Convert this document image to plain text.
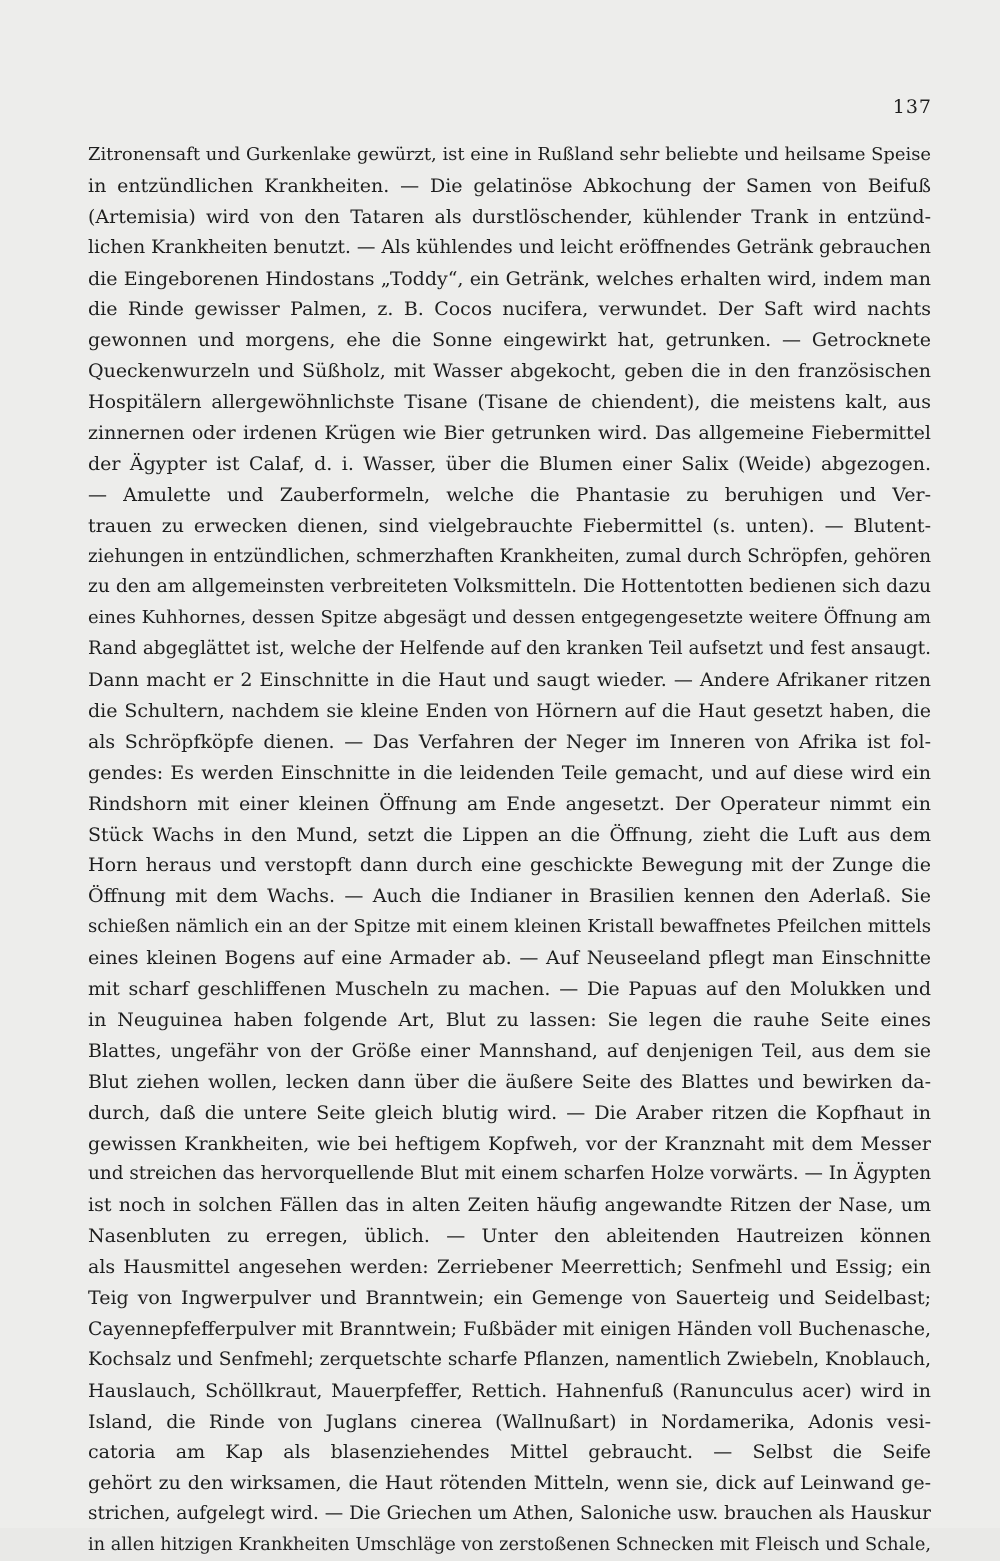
137
Zitronensaft und Gurkenlake gewürzt, ist eine in Rußland sehr beliebte und heilsame Speise
in entzündlichen Krankheiten. — Die gelatinöse Abkochung der Samen von Beifuß
(Artemisia) wird von den Tataren als durstlöschender, kühlender Trank in entzünd-
lichen Krankheiten benutzt. — Als kühlendes und leicht eröffnendes Getränk gebrauchen
die Eingeborenen Hindostans „Toddy“, ein Getränk, welches erhalten wird, indem man
die Rinde gewisser Palmen, z. B. Cocos nucifera, verwundet. Der Saft wird nachts
gewonnen und morgens, ehe die Sonne eingewirkt hat, getrunken. — Getrocknete
Queckenwurzeln und Süßholz, mit Wasser abgekocht, geben die in den französischen
Hospitälern allergewöhnlichste Tisane (Tisane de chiendent), die meistens kalt, aus
zinnernen oder irdenen Krügen wie Bier getrunken wird. Das allgemeine Fiebermittel
der Ägypter ist Calaf, d. i. Wasser, über die Blumen einer Salix (Weide) abgezogen.
— Amulette und Zauberformeln, welche die Phantasie zu beruhigen und Ver-
trauen zu erwecken dienen, sind vielgebrauchte Fiebermittel (s. unten). — Blutent-
ziehungen in entzündlichen, schmerzhaften Krankheiten, zumal durch Schröpfen, gehören
zu den am allgemeinsten verbreiteten Volksmitteln. Die Hottentotten bedienen sich dazu
eines Kuhhornes, dessen Spitze abgesägt und dessen entgegengesetzte weitere Öffnung am
Rand abgeglättet ist, welche der Helfende auf den kranken Teil aufsetzt und fest ansaugt.
Dann macht er 2 Einschnitte in die Haut und saugt wieder. — Andere Afrikaner ritzen
die Schultern, nachdem sie kleine Enden von Hörnern auf die Haut gesetzt haben, die
als Schröpfköpfe dienen. — Das Verfahren der Neger im Inneren von Afrika ist fol-
gendes: Es werden Einschnitte in die leidenden Teile gemacht, und auf diese wird ein
Rindshorn mit einer kleinen Öffnung am Ende angesetzt. Der Operateur nimmt ein
Stück Wachs in den Mund, setzt die Lippen an die Öffnung, zieht die Luft aus dem
Horn heraus und verstopft dann durch eine geschickte Bewegung mit der Zunge die
Öffnung mit dem Wachs. — Auch die Indianer in Brasilien kennen den Aderlaß. Sie
schießen nämlich ein an der Spitze mit einem kleinen Kristall bewaffnetes Pfeilchen mittels
eines kleinen Bogens auf eine Armader ab. — Auf Neuseeland pflegt man Einschnitte
mit scharf geschliffenen Muscheln zu machen. — Die Papuas auf den Molukken und
in Neuguinea haben folgende Art, Blut zu lassen: Sie legen die rauhe Seite eines
Blattes, ungefähr von der Größe einer Mannshand, auf denjenigen Teil, aus dem sie
Blut ziehen wollen, lecken dann über die äußere Seite des Blattes und bewirken da-
durch, daß die untere Seite gleich blutig wird. — Die Araber ritzen die Kopfhaut in
gewissen Krankheiten, wie bei heftigem Kopfweh, vor der Kranznaht mit dem Messer
und streichen das hervorquellende Blut mit einem scharfen Holze vorwärts. — In Ägypten
ist noch in solchen Fällen das in alten Zeiten häufig angewandte Ritzen der Nase, um
Nasenbluten zu erregen, üblich. — Unter den ableitenden Hautreizen können
als Hausmittel angesehen werden: Zerriebener Meerrettich; Senfmehl und Essig; ein
Teig von Ingwerpulver und Branntwein; ein Gemenge von Sauerteig und Seidelbast;
Cayennepfefferpulver mit Branntwein; Fußbäder mit einigen Händen voll Buchenasche,
Kochsalz und Senfmehl; zerquetschte scharfe Pflanzen, namentlich Zwiebeln, Knoblauch,
Hauslauch, Schöllkraut, Mauerpfeffer, Rettich. Hahnenfuß (Ranunculus acer) wird in
Island, die Rinde von Juglans cinerea (Wallnußart) in Nordamerika, Adonis vesi-
catoria am Kap als blasenziehendes Mittel gebraucht. — Selbst die Seife
gehört zu den wirksamen, die Haut rötenden Mitteln, wenn sie, dick auf Leinwand ge-
strichen, aufgelegt wird. — Die Griechen um Athen, Saloniche usw. brauchen als Hauskur
in allen hitzigen Krankheiten Umschläge von zerstoßenen Schnecken mit Fleisch und Schale,
